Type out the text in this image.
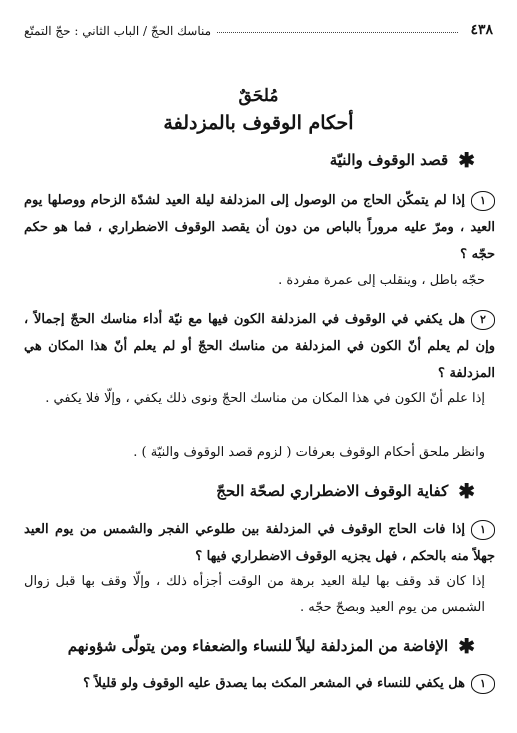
٤٣٨
مناسك الحجّ / الباب الثاني : حجّ التمتّع
مُلحَقٌ
أحكام الوقوف بالمزدلفة
✱
قصد الوقوف والنيّة
١إذا لم يتمكّن الحاج من الوصول إلى المزدلفة ليلة العيد لشدّة الزحام ووصلها يوم العيد ، ومرّ عليه مروراً بالباص من دون أن يقصد الوقوف الاضطراري ، فما هو حكم حجّه ؟
حجّه باطل ، وينقلب إلى عمرة مفردة .
٢هل يكفي في الوقوف في المزدلفة الكون فيها مع نيّة أداء مناسك الحجّ إجمالاً ، وإن لم يعلم أنّ الكون في المزدلفة من مناسك الحجّ أو لم يعلم أنّ هذا المكان هي المزدلفة ؟
إذا علم أنّ الكون في هذا المكان من مناسك الحجّ ونوى ذلك يكفي ، وإلّا فلا يكفي .
وانظر ملحق أحكام الوقوف بعرفات ( لزوم قصد الوقوف والنيّة ) .
✱
كفاية الوقوف الاضطراري لصحّة الحجّ
١إذا فات الحاج الوقوف في المزدلفة بين طلوعي الفجر والشمس من يوم العيد جهلاً منه بالحكم ، فهل يجزيه الوقوف الاضطراري فيها ؟
إذا كان قد وقف بها ليلة العيد برهة من الوقت أجزأه ذلك ، وإلّا وقف بها قبل زوال الشمس من يوم العيد وبصحّ حجّه .
✱
الإفاضة من المزدلفة ليلاً للنساء والضعفاء ومن يتولّى شؤونهم
١هل يكفي للنساء في المشعر المكث بما يصدق عليه الوقوف ولو قليلاً ؟
